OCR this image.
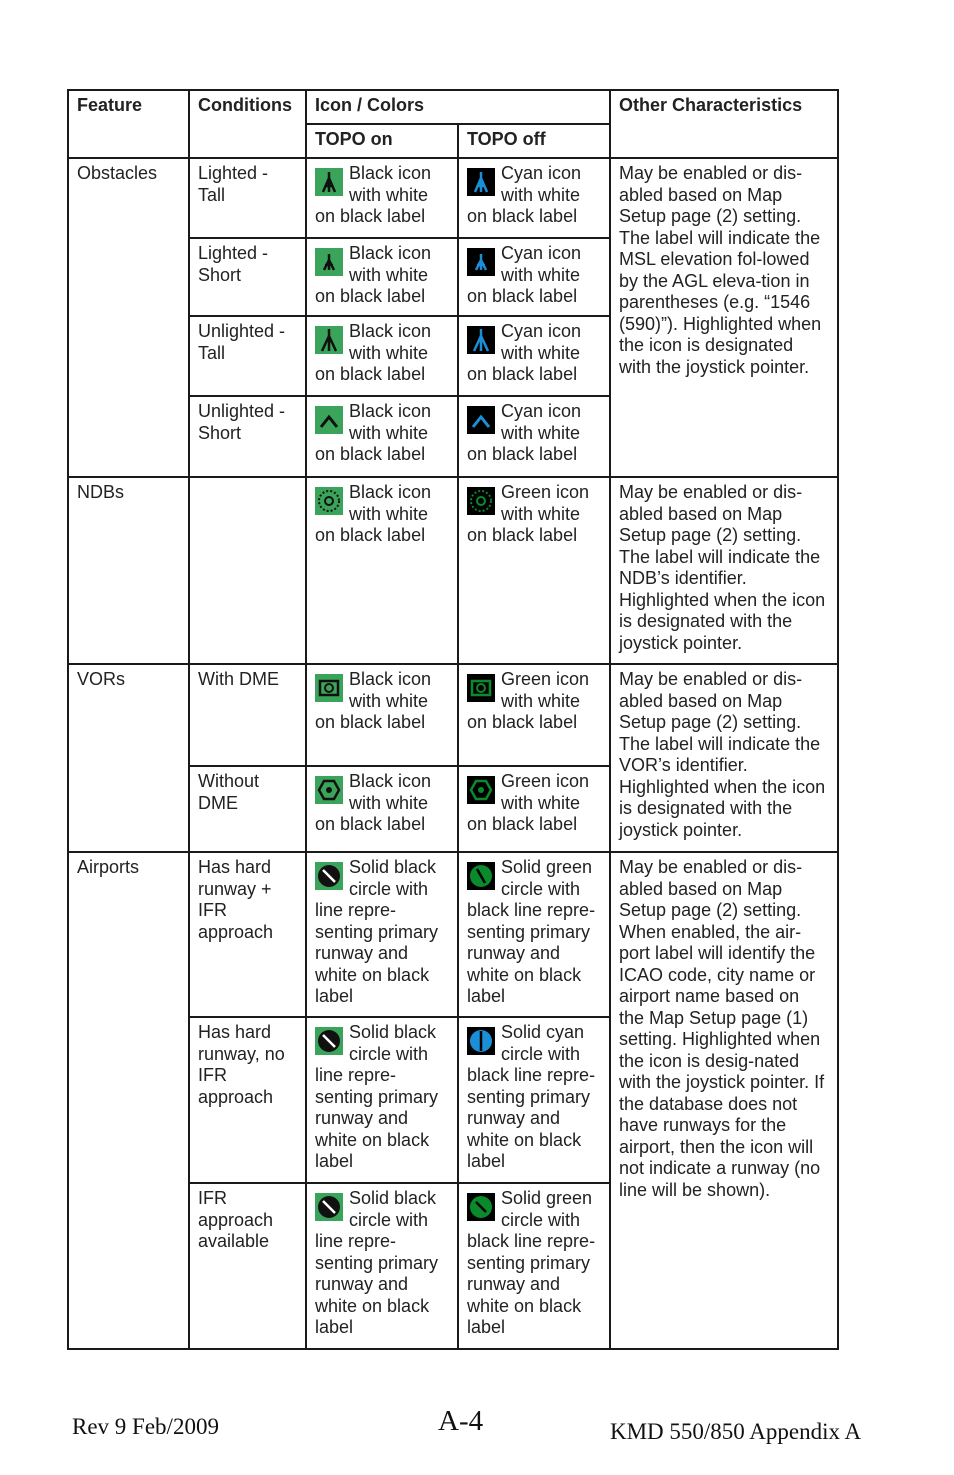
Feature	Conditions	Icon / Colors		Other Characteristics
		TOPO on	TOPO off	
Obstacles	Lighted - Tall	Black icon with white on black label	Cyan icon with white on black label	May be enabled or dis-abled based on Map Setup page (2) setting. The label will indicate the MSL elevation fol-lowed by the AGL eleva-tion in parentheses (e.g. “1546 (590)”). Highlighted when the icon is designated with the joystick pointer.
	Lighted - Short	Black icon with white on black label	Cyan icon with white on black label	
	Unlighted - Tall	Black icon with white on black label	Cyan icon with white on black label	
	Unlighted - Short	Black icon with white on black label	Cyan icon with white on black label	
NDBs		Black icon with white on black label	Green icon with white on black label	May be enabled or dis-abled based on Map Setup page (2) setting. The label will indicate the NDB’s identifier. Highlighted when the icon is designated with the joystick pointer.
VORs	With DME	Black icon with white on black label	Green icon with white on black label	May be enabled or dis-abled based on Map Setup page (2) setting. The label will indicate the VOR’s identifier. Highlighted when the icon is designated with the joystick pointer.
	Without DME	Black icon with white on black label	Green icon with white on black label	
Airports	Has hard runway + IFR approach	Solid black circle with line repre-senting primary runway and white on black label	Solid green circle with black line repre-senting primary runway and white on black label	May be enabled or dis-abled based on Map Setup page (2) setting. When enabled, the air-port label will identify the ICAO code, city name or airport name based on the Map Setup page (1) setting. Highlighted when the icon is desig-nated with the joystick pointer. If the database does not have runways for the airport, then the icon will not indicate a runway (no line will be shown).
	Has hard runway, no IFR approach	Solid black circle with line repre-senting primary runway and white on black label	Solid cyan circle with black line repre-senting primary runway and white on black label	
	IFR approach available	Solid black circle with line repre-senting primary runway and white on black label	Solid green circle with black line repre-senting primary runway and white on black label	
Rev 9 Feb/2009	A-4	KMD 550/850 Appendix A
